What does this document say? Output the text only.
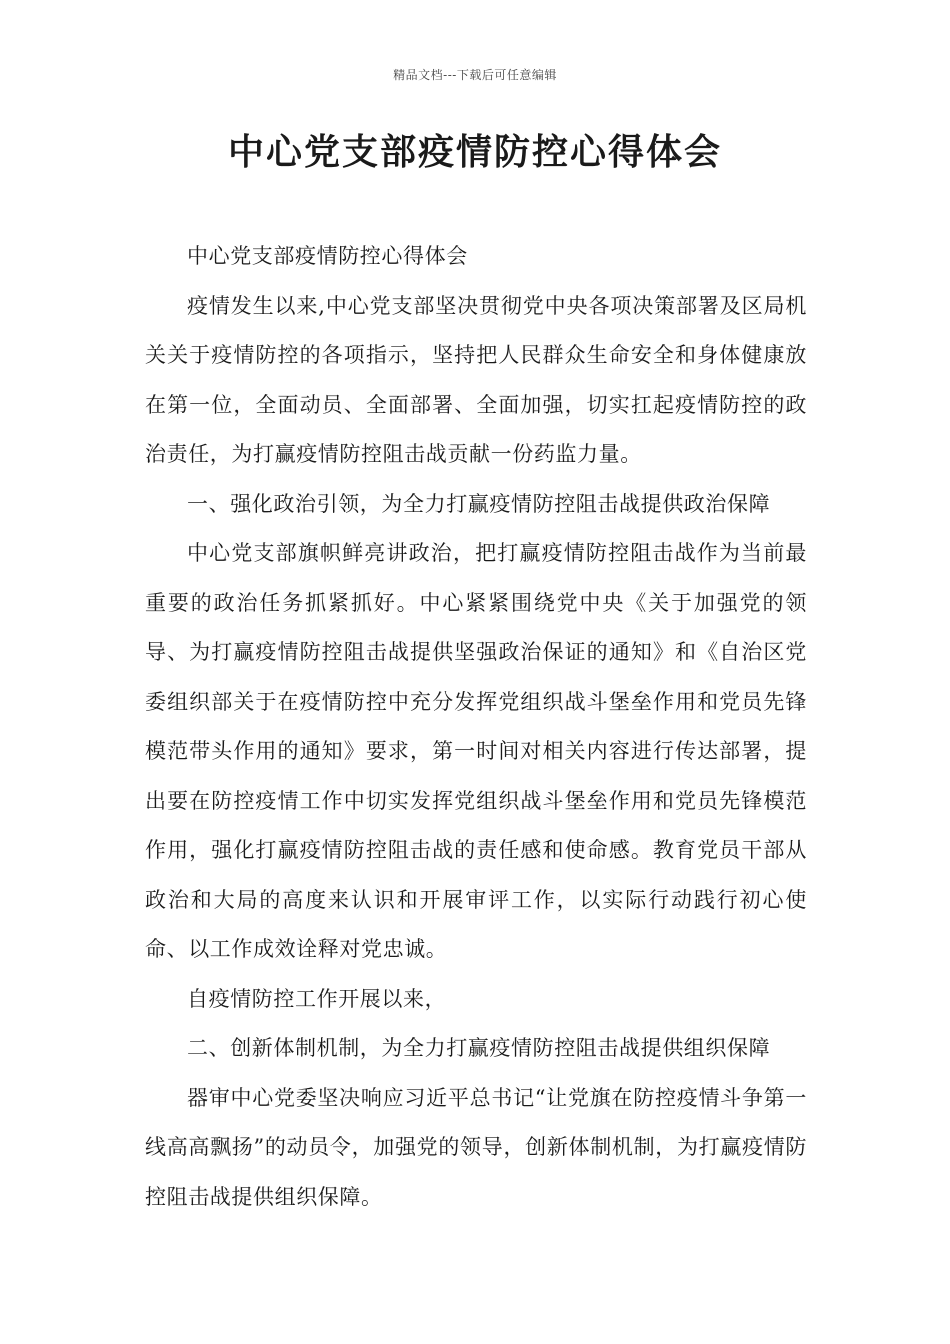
精品文档---下载后可任意编辑
中心党支部疫情防控心得体会

中心党支部疫情防控心得体会

疫情发生以来,中心党支部坚决贯彻党中央各项决策部署及区局机关关于疫情防控的各项指示，坚持把人民群众生命安全和身体健康放在第一位，全面动员、全面部署、全面加强，切实扛起疫情防控的政治责任，为打赢疫情防控阻击战贡献一份药监力量。

一、强化政治引领，为全力打赢疫情防控阻击战提供政治保障

中心党支部旗帜鲜亮讲政治，把打赢疫情防控阻击战作为当前最重要的政治任务抓紧抓好。中心紧紧围绕党中央《关于加强党的领导、为打赢疫情防控阻击战提供坚强政治保证的通知》和《自治区党委组织部关于在疫情防控中充分发挥党组织战斗堡垒作用和党员先锋模范带头作用的通知》要求，第一时间对相关内容进行传达部署，提出要在防控疫情工作中切实发挥党组织战斗堡垒作用和党员先锋模范作用，强化打赢疫情防控阻击战的责任感和使命感。教育党员干部从政治和大局的高度来认识和开展审评工作，以实际行动践行初心使命、以工作成效诠释对党忠诚。

自疫情防控工作开展以来，

二、创新体制机制，为全力打赢疫情防控阻击战提供组织保障

器审中心党委坚决响应习近平总书记“让党旗在防控疫情斗争第一线高高飘扬”的动员令，加强党的领导，创新体制机制，为打赢疫情防控阻击战提供组织保障。
